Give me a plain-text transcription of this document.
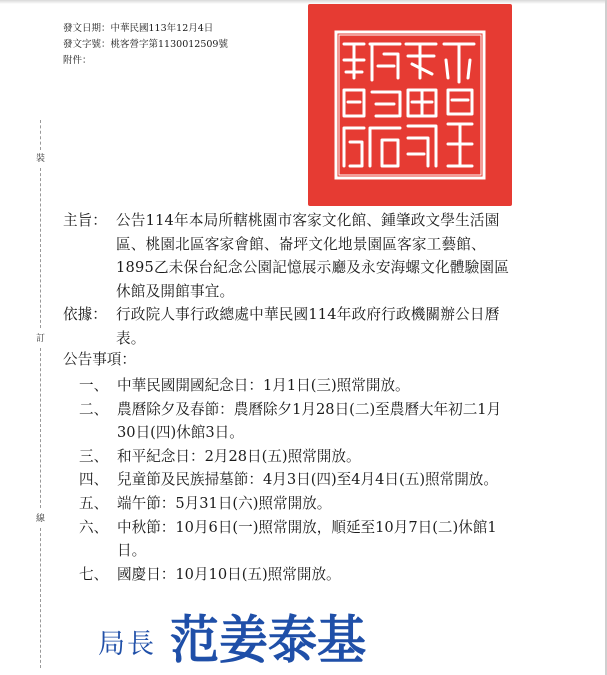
發文日期：中華民國113年12月4日
發文字號：桃客營字第1130012509號
附件：
裝
訂
線
主旨： 公告114年本局所轄桃園市客家文化館、鍾肇政文學生活園
區、桃園北區客家會館、崙坪文化地景園區客家工藝館、
1895乙未保台紀念公園記憶展示廳及永安海螺文化體驗園區
休館及開館事宜。
依據： 行政院人事行政總處中華民國114年政府行政機關辦公日曆
表。
公告事項：
一、 中華民國開國紀念日：1月1日(三)照常開放。
二、 農曆除夕及春節：農曆除夕1月28日(二)至農曆大年初二1月
30日(四)休館3日。
三、 和平紀念日：2月28日(五)照常開放。
四、 兒童節及民族掃墓節：4月3日(四)至4月4日(五)照常開放。
五、 端午節：5月31日(六)照常開放。
六、 中秋節：10月6日(一)照常開放，順延至10月7日(二)休館1
日。
七、 國慶日：10月10日(五)照常開放。
局長 范姜泰基
